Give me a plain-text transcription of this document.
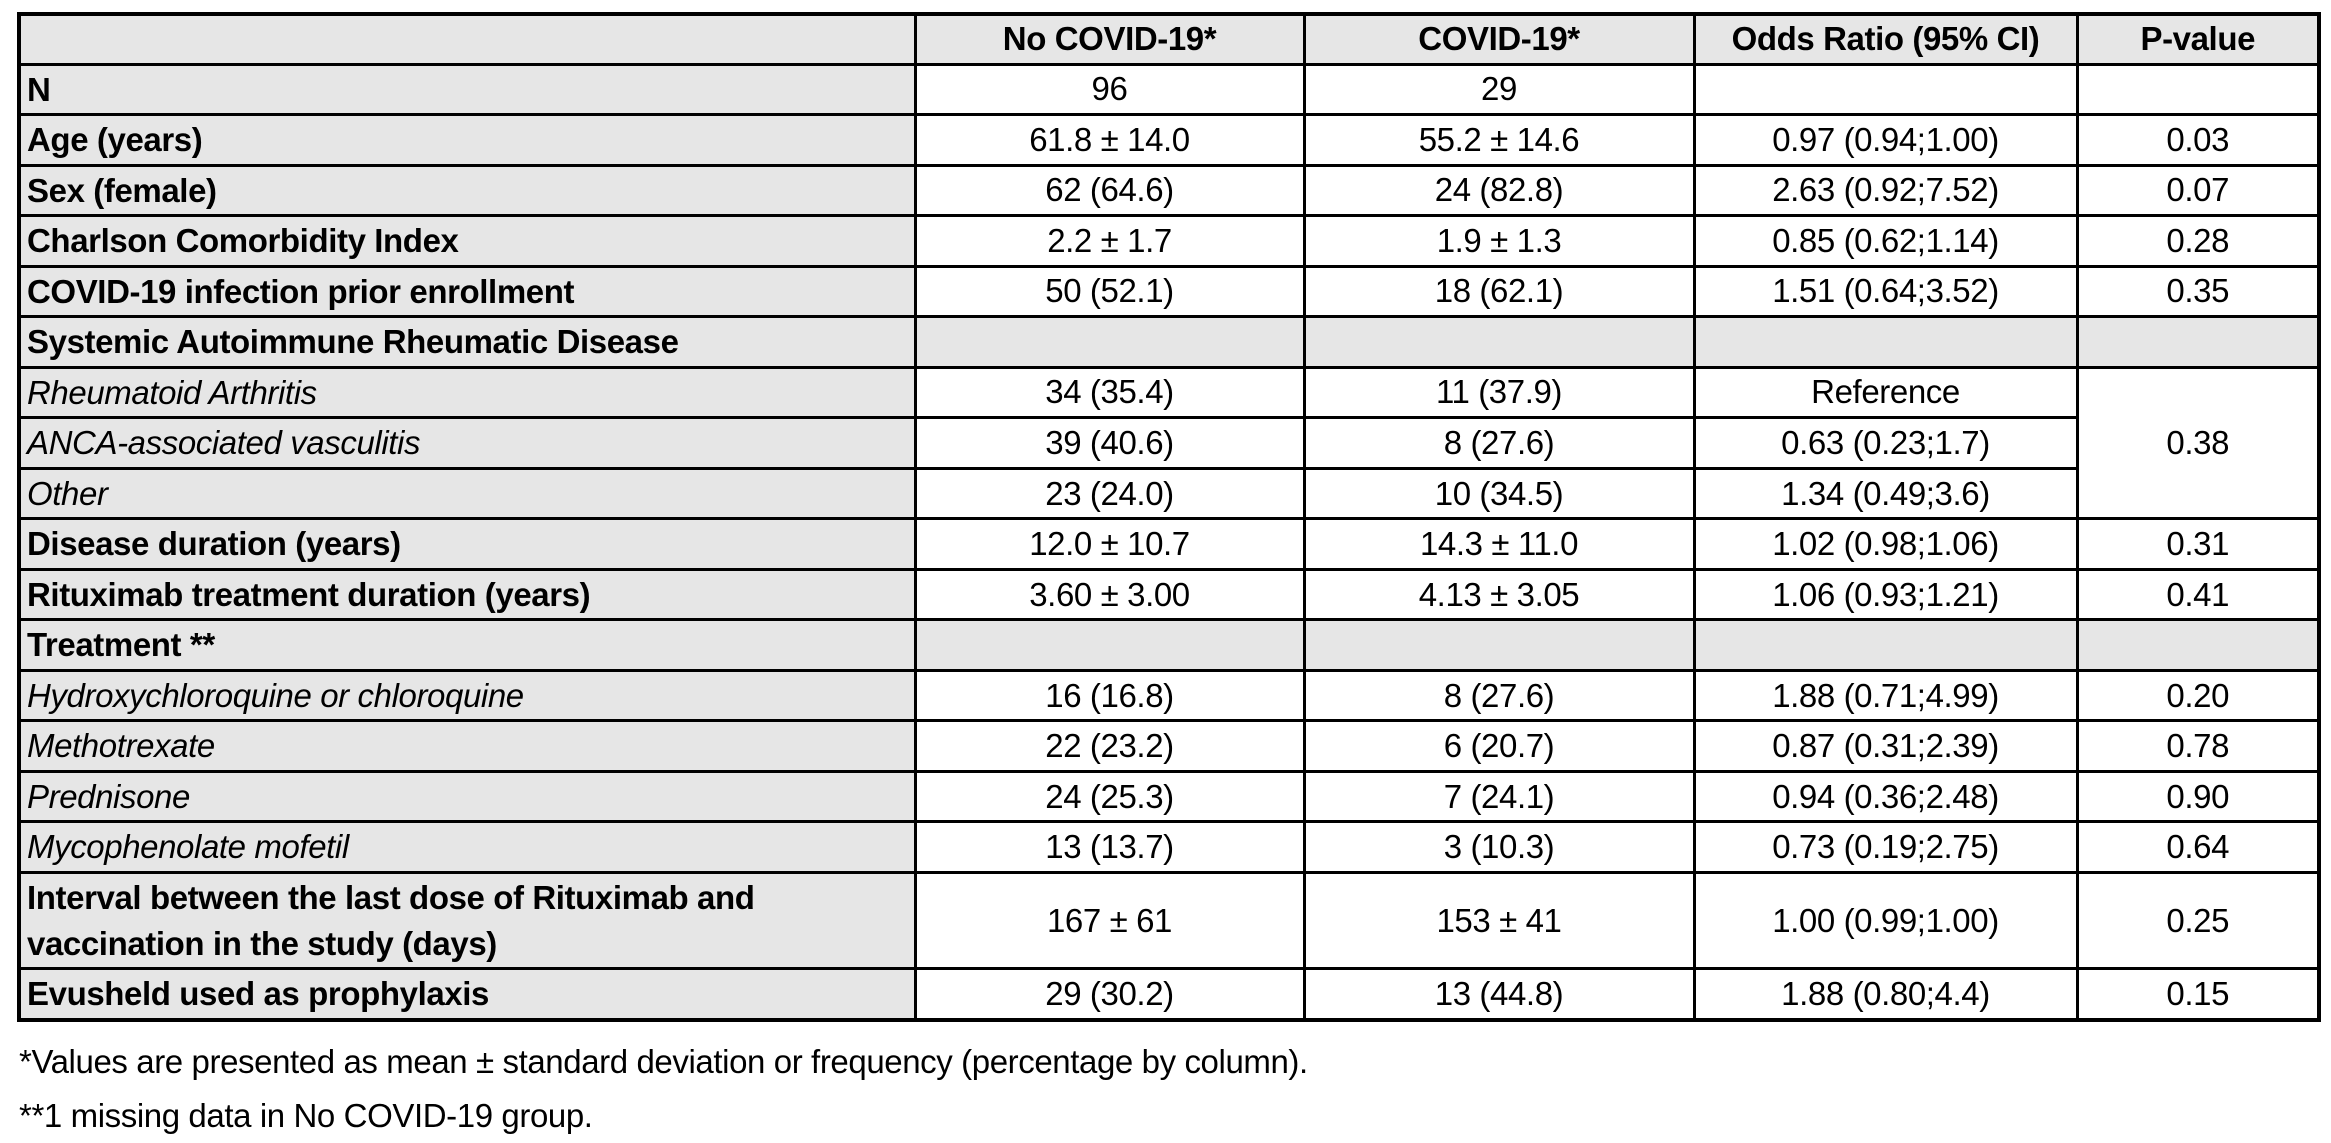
	No COVID-19*	COVID-19*	Odds Ratio (95% CI)	P-value
N	96	29		
Age (years)	61.8 ± 14.0	55.2 ± 14.6	0.97 (0.94;1.00)	0.03
Sex (female)	62 (64.6)	24 (82.8)	2.63 (0.92;7.52)	0.07
Charlson Comorbidity Index	2.2 ± 1.7	1.9 ± 1.3	0.85 (0.62;1.14)	0.28
COVID-19 infection prior enrollment	50 (52.1)	18 (62.1)	1.51 (0.64;3.52)	0.35
Systemic Autoimmune Rheumatic Disease				
Rheumatoid Arthritis	34 (35.4)	11 (37.9)	Reference	0.38
ANCA-associated vasculitis	39 (40.6)	8 (27.6)	0.63 (0.23;1.7)	
Other	23 (24.0)	10 (34.5)	1.34 (0.49;3.6)	
Disease duration (years)	12.0 ± 10.7	14.3 ± 11.0	1.02 (0.98;1.06)	0.31
Rituximab treatment duration (years)	3.60 ± 3.00	4.13 ± 3.05	1.06 (0.93;1.21)	0.41
Treatment **				
Hydroxychloroquine or chloroquine	16 (16.8)	8 (27.6)	1.88 (0.71;4.99)	0.20
Methotrexate	22 (23.2)	6 (20.7)	0.87 (0.31;2.39)	0.78
Prednisone	24 (25.3)	7 (24.1)	0.94 (0.36;2.48)	0.90
Mycophenolate mofetil	13 (13.7)	3 (10.3)	0.73 (0.19;2.75)	0.64
Interval between the last dose of Rituximab and vaccination in the study (days)	167 ± 61	153 ± 41	1.00 (0.99;1.00)	0.25
Evusheld used as prophylaxis	29 (30.2)	13 (44.8)	1.88 (0.80;4.4)	0.15

*Values are presented as mean ± standard deviation or frequency (percentage by column).

**1 missing data in No COVID-19 group.
